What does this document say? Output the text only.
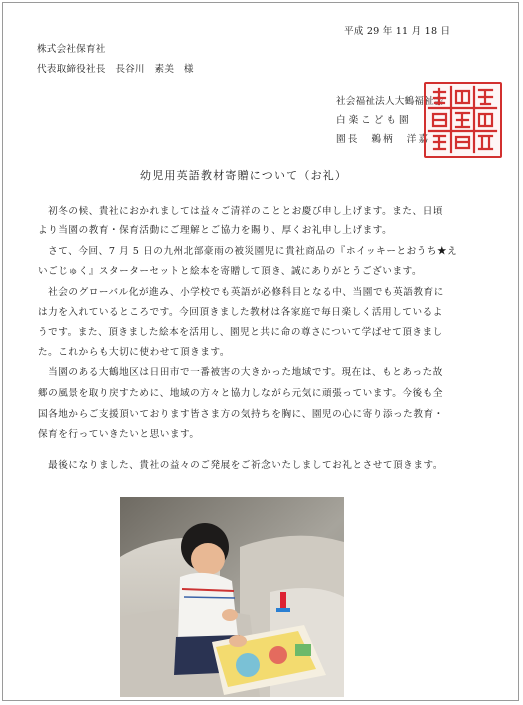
平成 29 年 11 月 18 日
株式会社保育社
代表取締役社長　長谷川　素美　様
社会福祉法人大鶴福祉会
白楽こども園
園長　鵜柄　洋嘉
幼児用英語教材寄贈について（お礼）
　初冬の候、貴社におかれましては益々ご清祥のこととお慶び申し上げます。また、日頃
より当園の教育・保育活動にご理解とご協力を賜り、厚くお礼申し上げます。
　さて、今回、7 月 5 日の九州北部豪雨の被災園児に貴社商品の『ホイッキーとおうち★え
いごじゅく』スターターセットと絵本を寄贈して頂き、誠にありがとうございます。
　社会のグローバル化が進み、小学校でも英語が必修科目となる中、当園でも英語教育に
は力を入れているところです。今回頂きました教材は各家庭で毎日楽しく活用しているよ
うです。また、頂きました絵本を活用し、園児と共に命の尊さについて学ばせて頂きまし
た。これからも大切に使わせて頂きます。
　当園のある大鶴地区は日田市で一番被害の大きかった地域です。現在は、もとあった故
郷の風景を取り戻すために、地域の方々と協力しながら元気に頑張っています。今後も全
国各地からご支援頂いております皆さま方の気持ちを胸に、園児の心に寄り添った教育・
保育を行っていきたいと思います。
　最後になりました、貴社の益々のご発展をご祈念いたしましてお礼とさせて頂きます。
